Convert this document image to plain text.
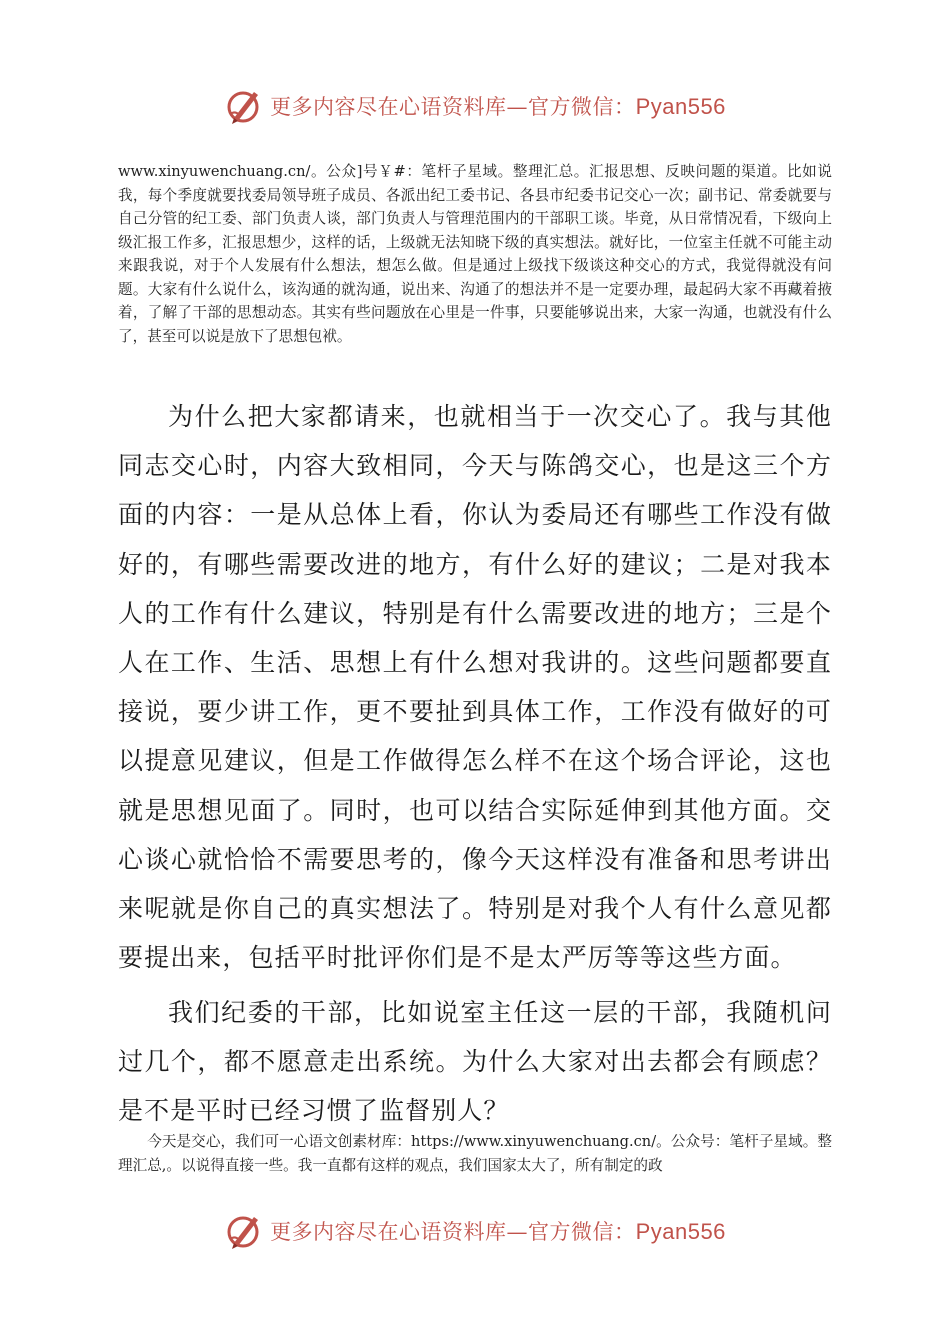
更多内容尽在心语资料库—官方微信：Pyan556

www.xinyuwenchuang.cn/。公众]号￥#：笔杆子星域。整理汇总。汇报思想、反映问题的渠道。比如说我，每个季度就要找委局领导班子成员、各派出纪工委书记、各县市纪委书记交心一次；副书记、常委就要与自己分管的纪工委、部门负责人谈，部门负责人与管理范围内的干部职工谈。毕竟，从日常情况看，下级向上级汇报工作多，汇报思想少，这样的话，上级就无法知晓下级的真实想法。就好比，一位室主任就不可能主动来跟我说，对于个人发展有什么想法，想怎么做。但是通过上级找下级谈这种交心的方式，我觉得就没有问题。大家有什么说什么，该沟通的就沟通，说出来、沟通了的想法并不是一定要办理，最起码大家不再藏着掖着，了解了干部的思想动态。其实有些问题放在心里是一件事，只要能够说出来，大家一沟通，也就没有什么了，甚至可以说是放下了思想包袱。

为什么把大家都请来，也就相当于一次交心了。我与其他同志交心时，内容大致相同，今天与陈鸽交心，也是这三个方面的内容：一是从总体上看，你认为委局还有哪些工作没有做好的，有哪些需要改进的地方，有什么好的建议；二是对我本人的工作有什么建议，特别是有什么需要改进的地方；三是个人在工作、生活、思想上有什么想对我讲的。这些问题都要直接说，要少讲工作，更不要扯到具体工作，工作没有做好的可以提意见建议，但是工作做得怎么样不在这个场合评论，这也就是思想见面了。同时，也可以结合实际延伸到其他方面。交心谈心就恰恰不需要思考的，像今天这样没有准备和思考讲出来呢就是你自己的真实想法了。特别是对我个人有什么意见都要提出来，包括平时批评你们是不是太严厉等等这些方面。

我们纪委的干部，比如说室主任这一层的干部，我随机问过几个，都不愿意走出系统。为什么大家对出去都会有顾虑？是不是平时已经习惯了监督别人？

今天是交心，我们可一心语文创素材库：https://www.xinyuwenchuang.cn/。公众号：笔杆子星域。整理汇总,。以说得直接一些。我一直都有这样的观点，我们国家太大了，所有制定的政

更多内容尽在心语资料库—官方微信：Pyan556
